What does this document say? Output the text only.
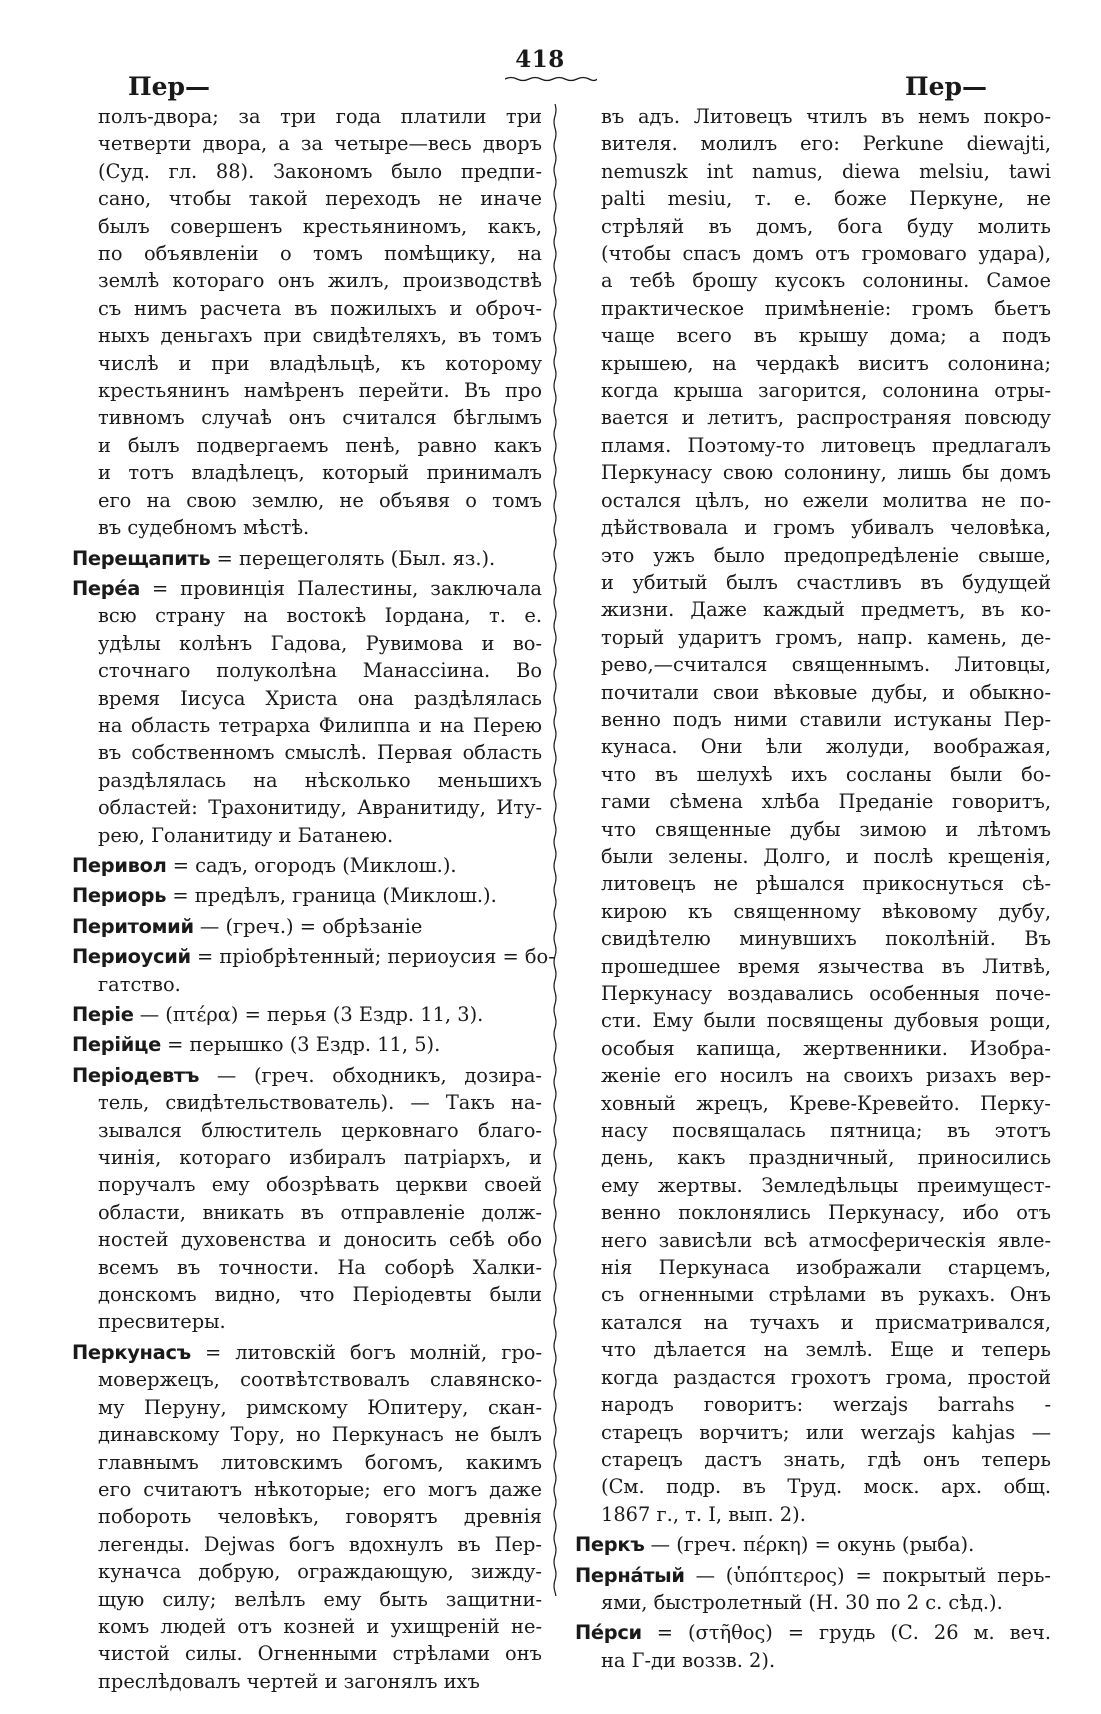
418
Пер—	Пер—
полъ-двора; за три года платили три
четверти двора, а за четыре—весь дворъ
(Суд. гл. 88). Закономъ было предпи-
сано, чтобы такой переходъ не иначе
былъ совершенъ крестьяниномъ, какъ,
по объявленіи о томъ помѣщику, на
землѣ котораго онъ жилъ, производствѣ
съ нимъ расчета въ пожилыхъ и оброч-
ныхъ деньгахъ при свидѣтеляхъ, въ томъ
числѣ и при владѣльцѣ, къ которому
крестьянинъ намѣренъ перейти. Въ про
тивномъ случаѣ онъ считался бѣглымъ
и былъ подвергаемъ пенѣ, равно какъ
и тотъ владѣлецъ, который принималъ
его на свою землю, не объявя о томъ
въ судебномъ мѣстѣ.
Перещапить = перещеголять (Был. яз.).
Перéа = провинція Палестины, заключала
всю страну на востокѣ Іордана, т. е.
удѣлы колѣнъ Гадова, Рувимова и во-
сточнаго полуколѣна Манассіина. Во
время Іисуса Христа она раздѣлялась
на область тетрарха Филиппа и на Перею
въ собственномъ смыслѣ. Первая область
раздѣлялась на нѣсколько меньшихъ
областей: Трахонитиду, Авранитиду, Иту-
рею, Голанитиду и Батанею.
Перивол = садъ, огородъ (Миклош.).
Периорь = предѣлъ, граница (Миклош.).
Перитомий — (греч.) = обрѣзаніе
Периоусий = пріобрѣтенный; периоусия = бо-
гатство.
Періе — (πτέρα) = перья (3 Ездр. 11, 3).
Перійце = перышко (3 Ездр. 11, 5).
Періодевтъ — (греч. обходникъ, дозира-
тель, свидѣтельствователь). — Такъ на-
зывался блюститель церковнаго благо-
чинія, котораго избиралъ патріархъ, и
поручалъ ему обозрѣвать церкви своей
области, вникать въ отправленіе долж-
ностей духовенства и доносить себѣ обо
всемъ въ точности. На соборѣ Халки-
донскомъ видно, что Періодевты были
пресвитеры.
Перкунасъ = литовскій богъ молній, гро-
мовержецъ, соотвѣтствовалъ славянско-
му Перуну, римскому Юпитеру, скан-
динавскому Тору, но Перкунасъ не былъ
главнымъ литовскимъ богомъ, какимъ
его считаютъ нѣкоторые; его могъ даже
побороть человѣкъ, говорятъ древнія
легенды. Dejwas богъ вдохнулъ въ Пер-
куначса добрую, ограждающую, зижду-
щую силу; велѣлъ ему быть защитни-
комъ людей отъ козней и ухищреній не-
чистой силы. Огненными стрѣлами онъ
преслѣдовалъ чертей и загонялъ ихъ
въ адъ. Литовецъ чтилъ въ немъ покро-
вителя. молилъ его: Perkune diewajti,
nemuszk int namus, diewa melsiu, tawi
palti mesiu, т. е. боже Перкуне, не
стрѣляй въ домъ, бога буду молить
(чтобы спасъ домъ отъ громоваго удара),
а тебѣ брошу кусокъ солонины. Самое
практическое примѣненіе: громъ бьетъ
чаще всего въ крышу дома; а подъ
крышею, на чердакѣ виситъ солонина;
когда крыша загорится, солонина отры-
вается и летитъ, распространяя повсюду
пламя. Поэтому-то литовецъ предлагалъ
Перкунасу свою солонину, лишь бы домъ
остался цѣлъ, но ежели молитва не по-
дѣйствовала и громъ убивалъ человѣка,
это ужъ было предопредѣленіе свыше,
и убитый былъ счастливъ въ будущей
жизни. Даже каждый предметъ, въ ко-
торый ударитъ громъ, напр. камень, де-
рево,—считался священнымъ. Литовцы,
почитали свои вѣковые дубы, и обыкно-
венно подъ ними ставили истуканы Пер-
кунаса. Они ѣли жолуди, воображая,
что въ шелухѣ ихъ сосланы были бо-
гами сѣмена хлѣба Преданіе говоритъ,
что священные дубы зимою и лѣтомъ
были зелены. Долго, и послѣ крещенія,
литовецъ не рѣшался прикоснуться сѣ-
кирою къ священному вѣковому дубу,
свидѣтелю минувшихъ поколѣній. Въ
прошедшее время язычества въ Литвѣ,
Перкунасу воздавались особенныя поче-
сти. Ему были посвящены дубовыя рощи,
особыя капища, жертвенники. Изобра-
женіе его носилъ на своихъ ризахъ вер-
ховный жрецъ, Креве-Кревейто. Перку-
насу посвящалась пятница; въ этотъ
день, какъ праздничный, приносились
ему жертвы. Земледѣльцы преимущест-
венно поклонялись Перкунасу, ибо отъ
него зависѣли всѣ атмосферическія явле-
нія Перкунаса изображали старцемъ,
съ огненными стрѣлами въ рукахъ. Онъ
катался на тучахъ и присматривался,
что дѣлается на землѣ. Еще и теперь
когда раздастся грохотъ грома, простой
народъ говоритъ: werzajs barrahs -
старецъ ворчитъ; или werzajs kahjas —
старецъ дастъ знать, гдѣ онъ теперь
(См. подр. въ Труд. моск. арх. общ.
1867 г., т. I, вып. 2).
Перкъ — (греч. πέρκη) = окунь (рыба).
Перна́тый — (ὑπόπτερος) = покрытый перь-
ями, быстролетный (Н. 30 по 2 с. сѣд.).
Пе́рси = (στῆθος) = грудь (С. 26 м. веч.
на Г-ди воззв. 2).
